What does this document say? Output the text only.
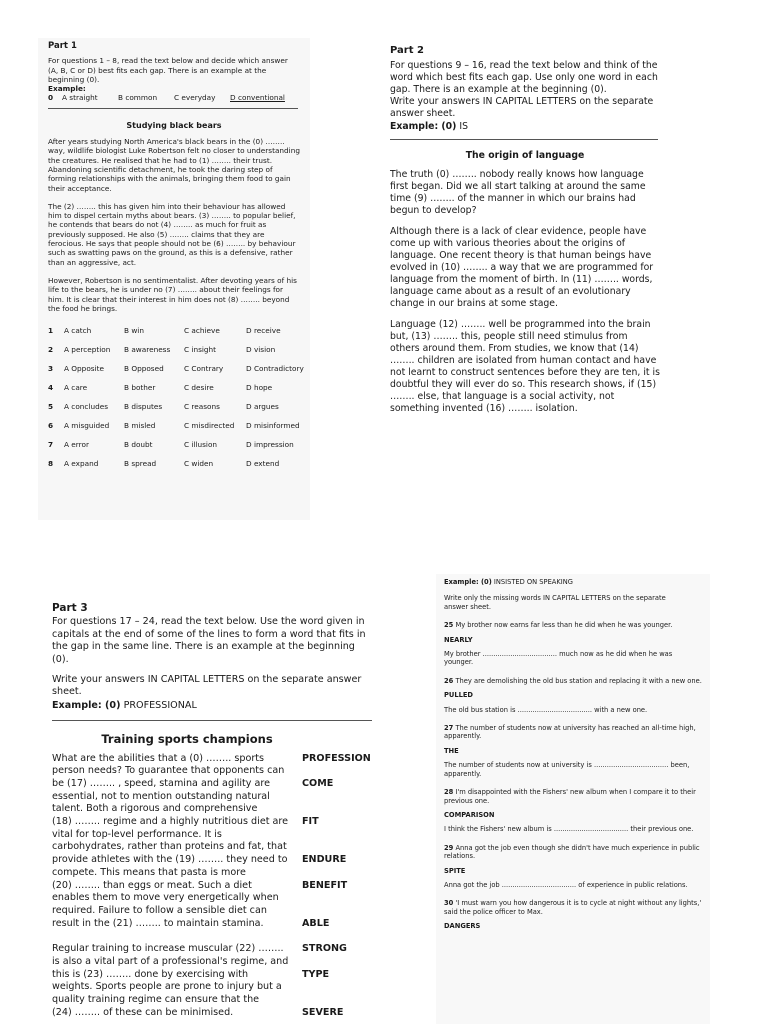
Part 1

For questions 1 – 8, read the text below and decide which answer (A, B, C or D) best fits each gap. There is an example at the beginning (0).

Example:
0	A straight	B common	C everyday	D conventional
Studying black bears

After years studying North America's black bears in the (0) …….. way, wildlife biologist Luke Robertson felt no closer to understanding the creatures. He realised that he had to (1) …….. their trust. Abandoning scientific detachment, he took the daring step of forming relationships with the animals, bringing them food to gain their acceptance.

The (2) …….. this has given him into their behaviour has allowed him to dispel certain myths about bears. (3) …….. to popular belief, he contends that bears do not (4) …….. as much for fruit as previously supposed. He also (5) …….. claims that they are ferocious. He says that people should not be (6) …….. by behaviour such as swatting paws on the ground, as this is a defensive, rather than an aggressive, act.

However, Robertson is no sentimentalist. After devoting years of his life to the bears, he is under no (7) …….. about their feelings for him. It is clear that their interest in him does not (8) …….. beyond the food he brings.

1	A catch	B win	C achieve	D receive
2	A perception	B awareness	C insight	D vision
3	A Opposite	B Opposed	C Contrary	D Contradictory
4	A care	B bother	C desire	D hope
5	A concludes	B disputes	C reasons	D argues
6	A misguided	B misled	C misdirected	D misinformed
7	A error	B doubt	C illusion	D impression
8	A expand	B spread	C widen	D extend
Part 2

For questions 9 – 16, read the text below and think of the word which best fits each gap. Use only one word in each gap. There is an example at the beginning (0).

Write your answers IN CAPITAL LETTERS on the separate answer sheet.

Example: (0) IS
The origin of language

The truth (0) …….. nobody really knows how language first began. Did we all start talking at around the same time (9) …….. of the manner in which our brains had begun to develop?

Although there is a lack of clear evidence, people have come up with various theories about the origins of language. One recent theory is that human beings have evolved in (10) …….. a way that we are programmed for language from the moment of birth. In (11) …….. words, language came about as a result of an evolutionary change in our brains at some stage.

Language (12) …….. well be programmed into the brain but, (13) …….. this, people still need stimulus from others around them. From studies, we know that (14) …….. children are isolated from human contact and have not learnt to construct sentences before they are ten, it is doubtful they will ever do so. This research shows, if (15) …….. else, that language is a social activity, not something invented (16) …….. isolation.

Part 3

For questions 17 – 24, read the text below. Use the word given in capitals at the end of some of the lines to form a word that fits in the gap in the same line. There is an example at the beginning (0).

Write your answers IN CAPITAL LETTERS on the separate answer sheet.

Example: (0) PROFESSIONAL
Training sports champions
What are the abilities that a (0) …….. sports	PROFESSION
person needs? To guarantee that opponents can	
be (17) …….. , speed, stamina and agility are	COME
essential, not to mention outstanding natural	
talent. Both a rigorous and comprehensive	
(18) …….. regime and a highly nutritious diet are	FIT
vital for top-level performance. It is	
carbohydrates, rather than proteins and fat, that	
provide athletes with the (19) …….. they need to	ENDURE
compete. This means that pasta is more	
(20) …….. than eggs or meat. Such a diet	BENEFIT
enables them to move very energetically when	
required. Failure to follow a sensible diet can	
result in the (21) …….. to maintain stamina.	ABLE

Regular training to increase muscular (22) ……..	STRONG
is also a vital part of a professional's regime, and	
this is (23) …….. done by exercising with	TYPE
weights. Sports people are prone to injury but a	
quality training regime can ensure that the	
(24) …….. of these can be minimised.	SEVERE
Example: (0) INSISTED ON SPEAKING

Write only the missing words IN CAPITAL LETTERS on the separate answer sheet.

25 My brother now earns far less than he did when he was younger.

NEARLY

My brother ................................... much now as he did when he was younger.

26 They are demolishing the old bus station and replacing it with a new one.

PULLED

The old bus station is ................................... with a new one.

27 The number of students now at university has reached an all-time high, apparently.

THE

The number of students now at university is ................................... been, apparently.

28 I'm disappointed with the Fishers' new album when I compare it to their previous one.

COMPARISON

I think the Fishers' new album is ................................... their previous one.

29 Anna got the job even though she didn't have much experience in public relations.

SPITE

Anna got the job ................................... of experience in public relations.

30 'I must warn you how dangerous it is to cycle at night without any lights,' said the police officer to Max.

DANGERS
